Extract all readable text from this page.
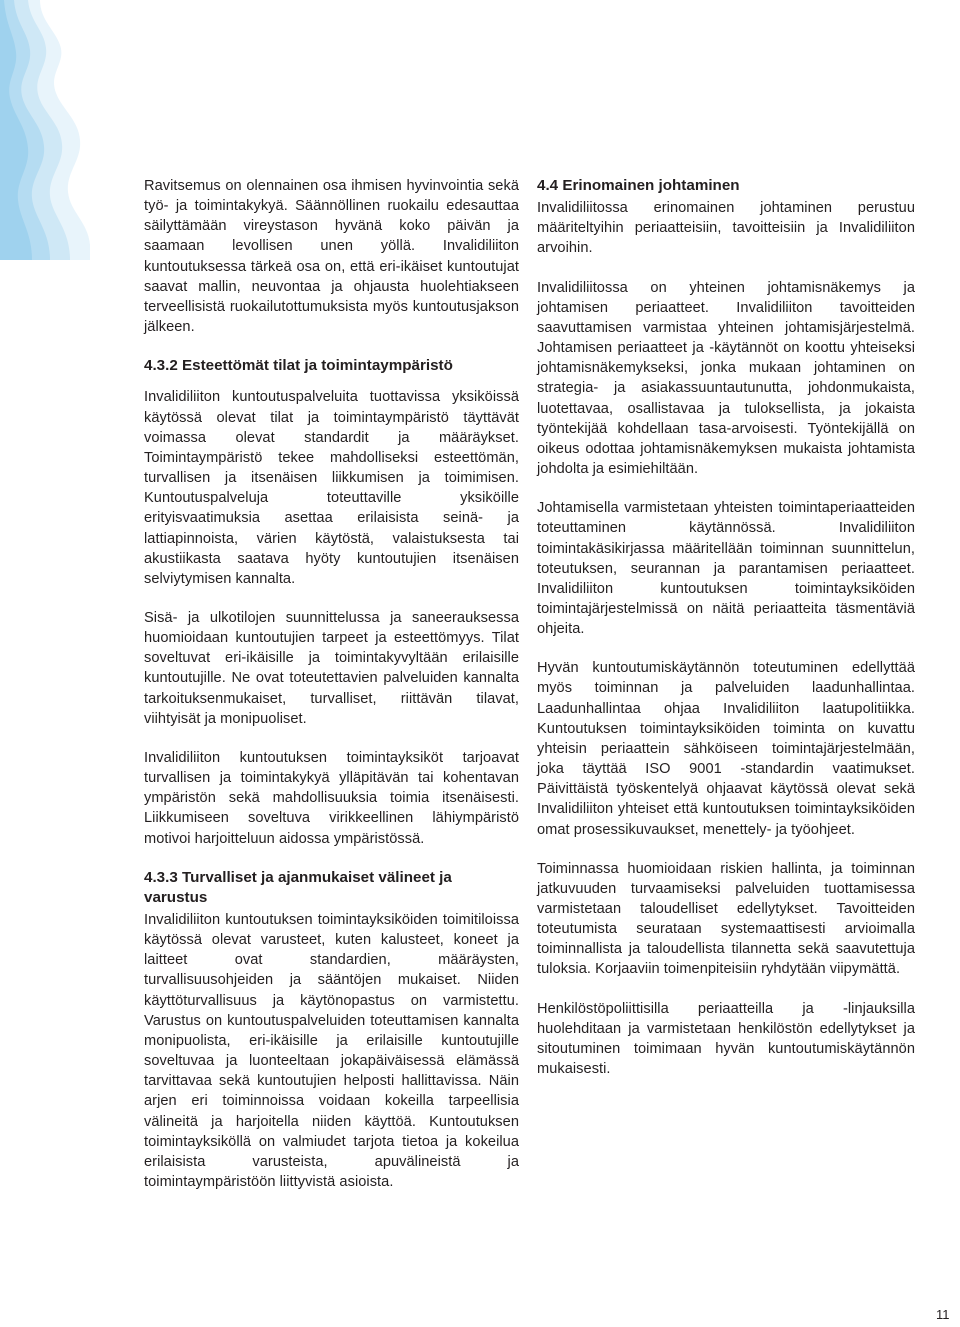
Ravitsemus on olennainen osa ihmisen hyvinvointia sekä työ- ja toimintakykyä. Säännöllinen ruokailu edesauttaa säilyttämään vireystason hyvänä koko päivän ja saamaan levollisen unen yöllä. Invalidiliiton kuntoutuksessa tärkeä osa on, että eri-ikäiset kuntoutujat saavat mallin, neuvontaa ja ohjausta huolehtiakseen terveellisistä ruokailutottumuksista myös kuntoutusjakson jälkeen.

4.3.2 Esteettömät tilat ja toimintaympäristö

Invalidiliiton kuntoutuspalveluita tuottavissa yksiköissä käytössä olevat tilat ja toimintaympäristö täyttävät voimassa olevat standardit ja määräykset. Toimintaympäristö tekee mahdolliseksi esteettömän, turvallisen ja itsenäisen liikkumisen ja toimimisen. Kuntoutuspalveluja toteuttaville yksiköille erityisvaatimuksia asettaa erilaisista seinä- ja lattiapinnoista, värien käytöstä, valaistuksesta tai akustiikasta saatava hyöty kuntoutujien itsenäisen selviytymisen kannalta.

Sisä- ja ulkotilojen suunnittelussa ja saneerauksessa huomioidaan kuntoutujien tarpeet ja esteettömyys. Tilat soveltuvat eri-ikäisille ja toimintakyvyltään erilaisille kuntoutujille. Ne ovat toteutettavien palveluiden kannalta tarkoituksenmukaiset, turvalliset, riittävän tilavat, viihtyisät ja monipuoliset.

Invalidiliiton kuntoutuksen toimintayksiköt tarjoavat turvallisen ja toimintakykyä ylläpitävän tai kohentavan ympäristön sekä mahdollisuuksia toimia itsenäisesti. Liikkumiseen soveltuva virikkeellinen lähiympäristö motivoi harjoitteluun aidossa ympäristössä.

4.3.3 Turvalliset ja ajanmukaiset välineet ja varustus

Invalidiliiton kuntoutuksen toimintayksiköiden toimitiloissa käytössä olevat varusteet, kuten kalusteet, koneet ja laitteet ovat standardien, määräysten, turvallisuusohjeiden ja sääntöjen mukaiset. Niiden käyttöturvallisuus ja käytönopastus on varmistettu. Varustus on kuntoutuspalveluiden toteuttamisen kannalta monipuolista, eri-ikäisille ja erilaisille kuntoutujille soveltuvaa ja luonteeltaan jokapäiväisessä elämässä tarvittavaa sekä kuntoutujien helposti hallittavissa. Näin arjen eri toiminnoissa voidaan kokeilla tarpeellisia välineitä ja harjoitella niiden käyttöä. Kuntoutuksen toimintayksiköllä on valmiudet tarjota tietoa ja kokeilua erilaisista varusteista, apuvälineistä ja toimintaympäristöön liittyvistä asioista.

4.4 Erinomainen johtaminen

Invalidiliitossa erinomainen johtaminen perustuu määriteltyihin periaatteisiin, tavoitteisiin ja Invalidiliiton arvoihin.

Invalidiliitossa on yhteinen johtamisnäkemys ja johtamisen periaatteet. Invalidiliiton tavoitteiden saavuttamisen varmistaa yhteinen johtamisjärjestelmä. Johtamisen periaatteet ja -käytännöt on koottu yhteiseksi johtamisnäkemykseksi, jonka mukaan johtaminen on strategia- ja asiakassuuntautunutta, johdonmukaista, luotettavaa, osallistavaa ja tuloksellista, ja jokaista työntekijää kohdellaan tasa-arvoisesti. Työntekijällä on oikeus odottaa johtamisnäkemyksen mukaista johtamista johdolta ja esimiehiltään.

Johtamisella varmistetaan yhteisten toimintaperiaatteiden toteuttaminen käytännössä. Invalidiliiton toimintakäsikirjassa määritellään toiminnan suunnittelun, toteutuksen, seurannan ja parantamisen periaatteet. Invalidiliiton kuntoutuksen toimintayksiköiden toimintajärjestelmissä on näitä periaatteita täsmentäviä ohjeita.

Hyvän kuntoutumiskäytännön toteutuminen edellyttää myös toiminnan ja palveluiden laadunhallintaa. Laadunhallintaa ohjaa Invalidiliiton laatupolitiikka. Kuntoutuksen toimintayksiköiden toiminta on kuvattu yhteisin periaattein sähköiseen toimintajärjestelmään, joka täyttää ISO 9001 -standardin vaatimukset. Päivittäistä työskentelyä ohjaavat käytössä olevat sekä Invalidiliiton yhteiset että kuntoutuksen toimintayksiköiden omat prosessikuvaukset, menettely- ja työohjeet.

Toiminnassa huomioidaan riskien hallinta, ja toiminnan jatkuvuuden turvaamiseksi palveluiden tuottamisessa varmistetaan taloudelliset edellytykset. Tavoitteiden toteutumista seurataan systemaattisesti arvioimalla toiminnallista ja taloudellista tilannetta sekä saavutettuja tuloksia. Korjaaviin toimenpiteisiin ryhdytään viipymättä.

Henkilöstöpoliittisilla periaatteilla ja -linjauksilla huolehditaan ja varmistetaan henkilöstön edellytykset ja sitoutuminen toimimaan hyvän kuntoutumiskäytännön mukaisesti.

11
